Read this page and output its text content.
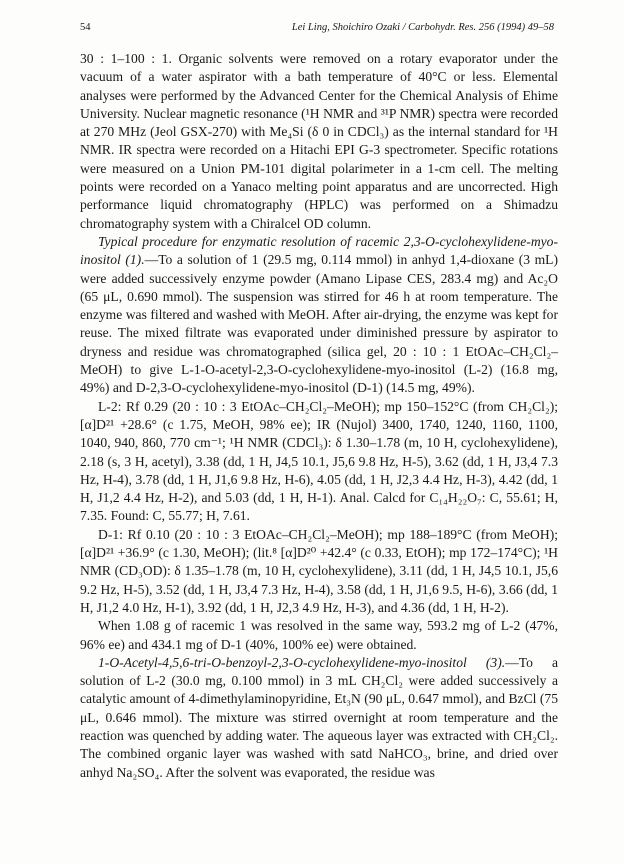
54	Lei Ling, Shoichiro Ozaki / Carbohydr. Res. 256 (1994) 49–58

30 : 1–100 : 1. Organic solvents were removed on a rotary evaporator under the vacuum of a water aspirator with a bath temperature of 40°C or less. Elemental analyses were performed by the Advanced Center for the Chemical Analysis of Ehime University. Nuclear magnetic resonance (¹H NMR and ³¹P NMR) spectra were recorded at 270 MHz (Jeol GSX-270) with Me₄Si (δ 0 in CDCl₃) as the internal standard for ¹H NMR. IR spectra were recorded on a Hitachi EPI G-3 spectrometer. Specific rotations were measured on a Union PM-101 digital polarimeter in a 1-cm cell. The melting points were recorded on a Yanaco melting point apparatus and are uncorrected. High performance liquid chromatography (HPLC) was performed on a Shimadzu chromatography system with a Chiralcel OD column.

Typical procedure for enzymatic resolution of racemic 2,3-O-cyclohexylidene-myo-inositol (1).—To a solution of 1 (29.5 mg, 0.114 mmol) in anhyd 1,4-dioxane (3 mL) were added successively enzyme powder (Amano Lipase CES, 283.4 mg) and Ac₂O (65 μL, 0.690 mmol). The suspension was stirred for 46 h at room temperature. The enzyme was filtered and washed with MeOH. After air-drying, the enzyme was kept for reuse. The mixed filtrate was evaporated under diminished pressure by aspirator to dryness and residue was chromatographed (silica gel, 20 : 10 : 1 EtOAc–CH₂Cl₂–MeOH) to give L-1-O-acetyl-2,3-O-cyclohexylidene-myo-inositol (L-2) (16.8 mg, 49%) and D-2,3-O-cyclohexylidene-myo-inositol (D-1) (14.5 mg, 49%).

L-2: Rf 0.29 (20 : 10 : 3 EtOAc–CH₂Cl₂–MeOH); mp 150–152°C (from CH₂Cl₂); [α]D²¹ +28.6° (c 1.75, MeOH, 98% ee); IR (Nujol) 3400, 1740, 1240, 1160, 1100, 1040, 940, 860, 770 cm⁻¹; ¹H NMR (CDCl₃): δ 1.30–1.78 (m, 10 H, cyclohexylidene), 2.18 (s, 3 H, acetyl), 3.38 (dd, 1 H, J4,5 10.1, J5,6 9.8 Hz, H-5), 3.62 (dd, 1 H, J3,4 7.3 Hz, H-4), 3.78 (dd, 1 H, J1,6 9.8 Hz, H-6), 4.05 (dd, 1 H, J2,3 4.4 Hz, H-3), 4.42 (dd, 1 H, J1,2 4.4 Hz, H-2), and 5.03 (dd, 1 H, H-1). Anal. Calcd for C₁₄H₂₂O₇: C, 55.61; H, 7.35. Found: C, 55.77; H, 7.61.

D-1: Rf 0.10 (20 : 10 : 3 EtOAc–CH₂Cl₂–MeOH); mp 188–189°C (from MeOH); [α]D²¹ +36.9° (c 1.30, MeOH); (lit.⁸ [α]D²⁰ +42.4° (c 0.33, EtOH); mp 172–174°C); ¹H NMR (CD₃OD): δ 1.35–1.78 (m, 10 H, cyclohexylidene), 3.11 (dd, 1 H, J4,5 10.1, J5,6 9.2 Hz, H-5), 3.52 (dd, 1 H, J3,4 7.3 Hz, H-4), 3.58 (dd, 1 H, J1,6 9.5, H-6), 3.66 (dd, 1 H, J1,2 4.0 Hz, H-1), 3.92 (dd, 1 H, J2,3 4.9 Hz, H-3), and 4.36 (dd, 1 H, H-2).

When 1.08 g of racemic 1 was resolved in the same way, 593.2 mg of L-2 (47%, 96% ee) and 434.1 mg of D-1 (40%, 100% ee) were obtained.

1-O-Acetyl-4,5,6-tri-O-benzoyl-2,3-O-cyclohexylidene-myo-inositol (3).—To a solution of L-2 (30.0 mg, 0.100 mmol) in 3 mL CH₂Cl₂ were added successively a catalytic amount of 4-dimethylaminopyridine, Et₃N (90 μL, 0.647 mmol), and BzCl (75 μL, 0.646 mmol). The mixture was stirred overnight at room temperature and the reaction was quenched by adding water. The aqueous layer was extracted with CH₂Cl₂. The combined organic layer was washed with satd NaHCO₃, brine, and dried over anhyd Na₂SO₄. After the solvent was evaporated, the residue was
